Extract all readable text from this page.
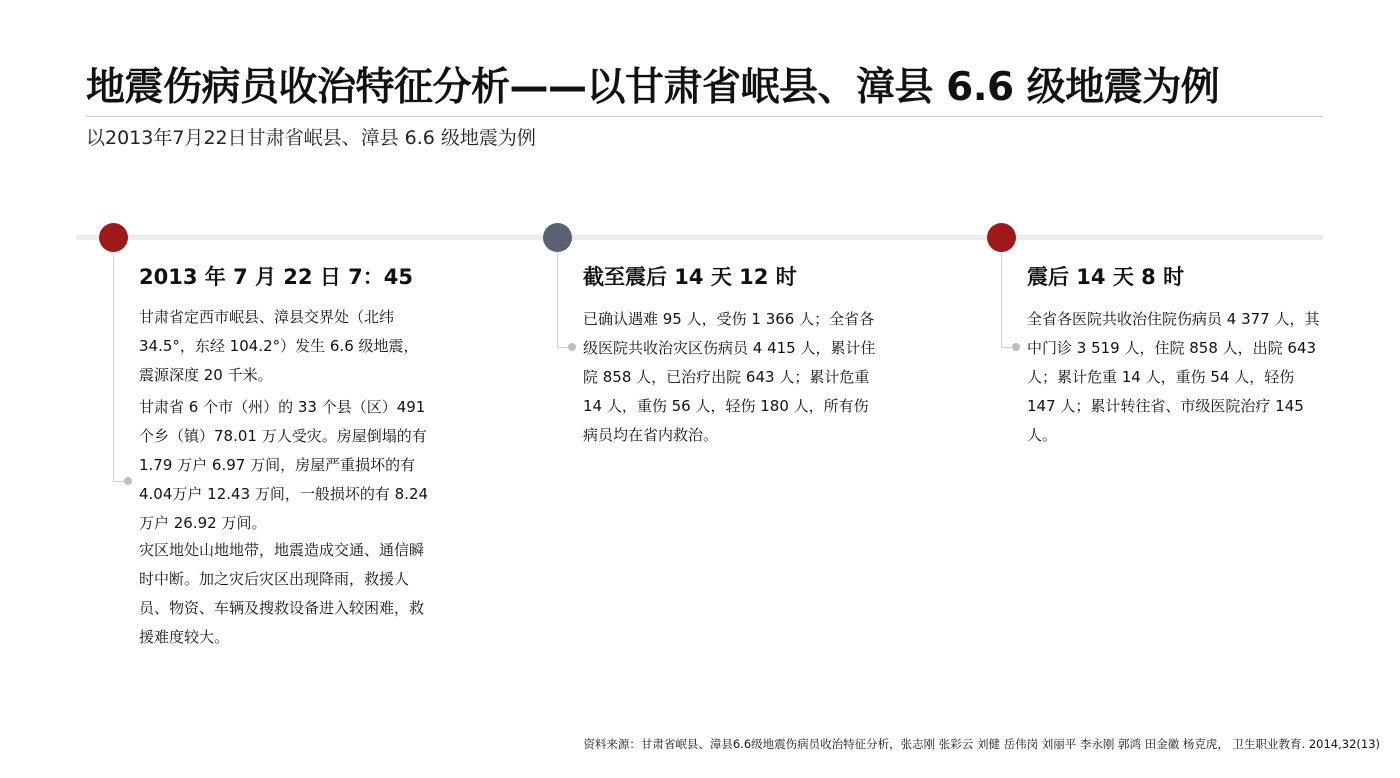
地震伤病员收治特征分析——以甘肃省岷县、漳县 6.6 级地震为例
以2013年7月22日甘肃省岷县、漳县 6.6 级地震为例
2013 年 7 月 22 日 7：45

甘肃省定西市岷县、漳县交界处（北纬 34.5°，东经 104.2°）发生 6.6 级地震，震源深度 20 千米。

甘肃省 6 个市（州）的 33 个县（区）491 个乡（镇）78.01 万人受灾。房屋倒塌的有 1.79 万户 6.97 万间，房屋严重损坏的有 4.04万户 12.43 万间，一般损坏的有 8.24 万户 26.92 万间。

灾区地处山地地带，地震造成交通、通信瞬时中断。加之灾后灾区出现降雨，救援人员、物资、车辆及搜救设备进入较困难，救援难度较大。

截至震后 14 天 12 时

已确认遇难 95 人，受伤 1 366 人；全省各级医院共收治灾区伤病员 4 415 人，累计住院 858 人，已治疗出院 643 人；累计危重 14 人，重伤 56 人，轻伤 180 人，所有伤病员均在省内救治。

震后 14 天 8 时

全省各医院共收治住院伤病员 4 377 人，其中门诊 3 519 人，住院 858 人，出院 643 人；累计危重 14 人，重伤 54 人，轻伤 147 人；累计转往省、市级医院治疗 145 人。

资料来源：甘肃省岷县、漳县6.6级地震伤病员收治特征分析，张志刚 张彩云 刘健 岳伟岗 刘丽平 李永刚 郭鸿 田金徽 杨克虎， 卫生职业教育. 2014,32(13)
